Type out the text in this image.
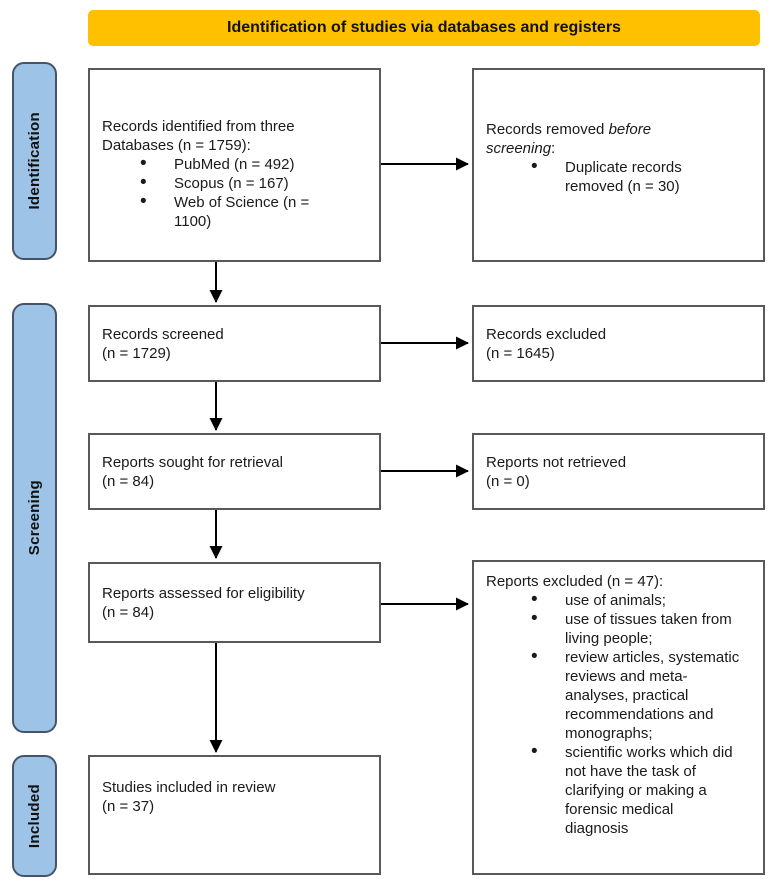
Identification of studies via databases and registers
Identification
Screening
Included
Records identified from three Databases (n = 1759):
• PubMed (n = 492)
• Scopus (n = 167)
• Web of Science (n = 1100)
Records removed before screening:
• Duplicate records removed (n = 30)
Records screened
(n = 1729)
Records excluded
(n = 1645)
Reports sought for retrieval
(n = 84)
Reports not retrieved
(n = 0)
Reports assessed for eligibility
(n = 84)
Reports excluded (n = 47):
• use of animals;
• use of tissues taken from living people;
• review articles, systematic reviews and meta-analyses, practical recommendations and monographs;
• scientific works which did not have the task of clarifying or making a forensic medical diagnosis
Studies included in review
(n = 37)
